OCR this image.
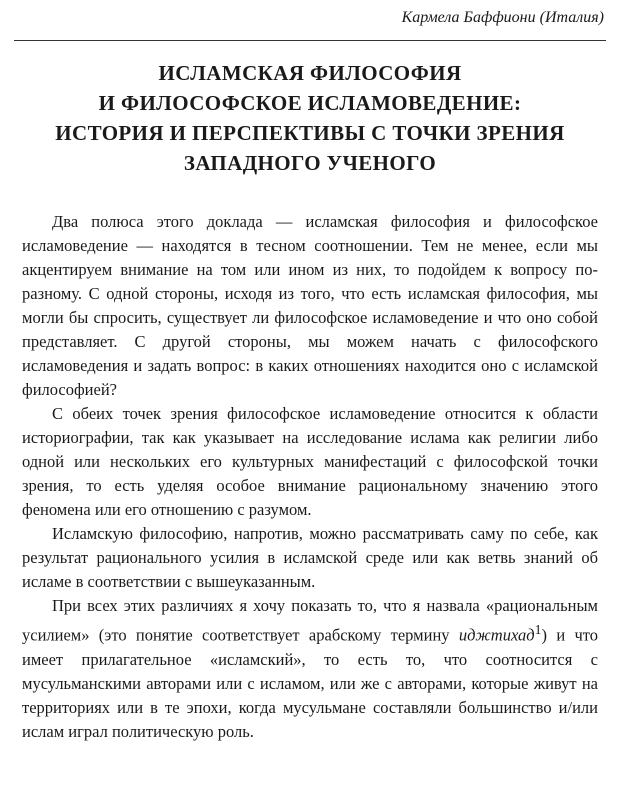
Кармела Баффиони (Италия)
ИСЛАМСКАЯ ФИЛОСОФИЯ
И ФИЛОСОФСКОЕ ИСЛАМОВЕДЕНИЕ:
ИСТОРИЯ И ПЕРСПЕКТИВЫ С ТОЧКИ ЗРЕНИЯ
ЗАПАДНОГО УЧЕНОГО

Два полюса этого доклада — исламская философия и философское исламоведение — находятся в тесном соотношении. Тем не менее, если мы акцентируем внимание на том или ином из них, то подойдем к вопросу по-разному. С одной стороны, исходя из того, что есть исламская философия, мы могли бы спросить, существует ли философское исламоведение и что оно собой представляет. С другой стороны, мы можем начать с философского исламоведения и задать вопрос: в каких отношениях находится оно с исламской философией?

С обеих точек зрения философское исламоведение относится к области историографии, так как указывает на исследование ислама как религии либо одной или нескольких его культурных манифестаций с философской точки зрения, то есть уделяя особое внимание рациональному значению этого феномена или его отношению с разумом.

Исламскую философию, напротив, можно рассматривать саму по себе, как результат рационального усилия в исламской среде или как ветвь знаний об исламе в соответствии с вышеуказанным.

При всех этих различиях я хочу показать то, что я назвала «рациональным усилием» (это понятие соответствует арабскому термину иджтихад$^1$) и что имеет прилагательное «исламский», то есть то, что соотносится с мусульманскими авторами или с исламом, или же с авторами, которые живут на территориях или в те эпохи, когда мусульмане составляли большинство и/или ислам играл политическую роль.
